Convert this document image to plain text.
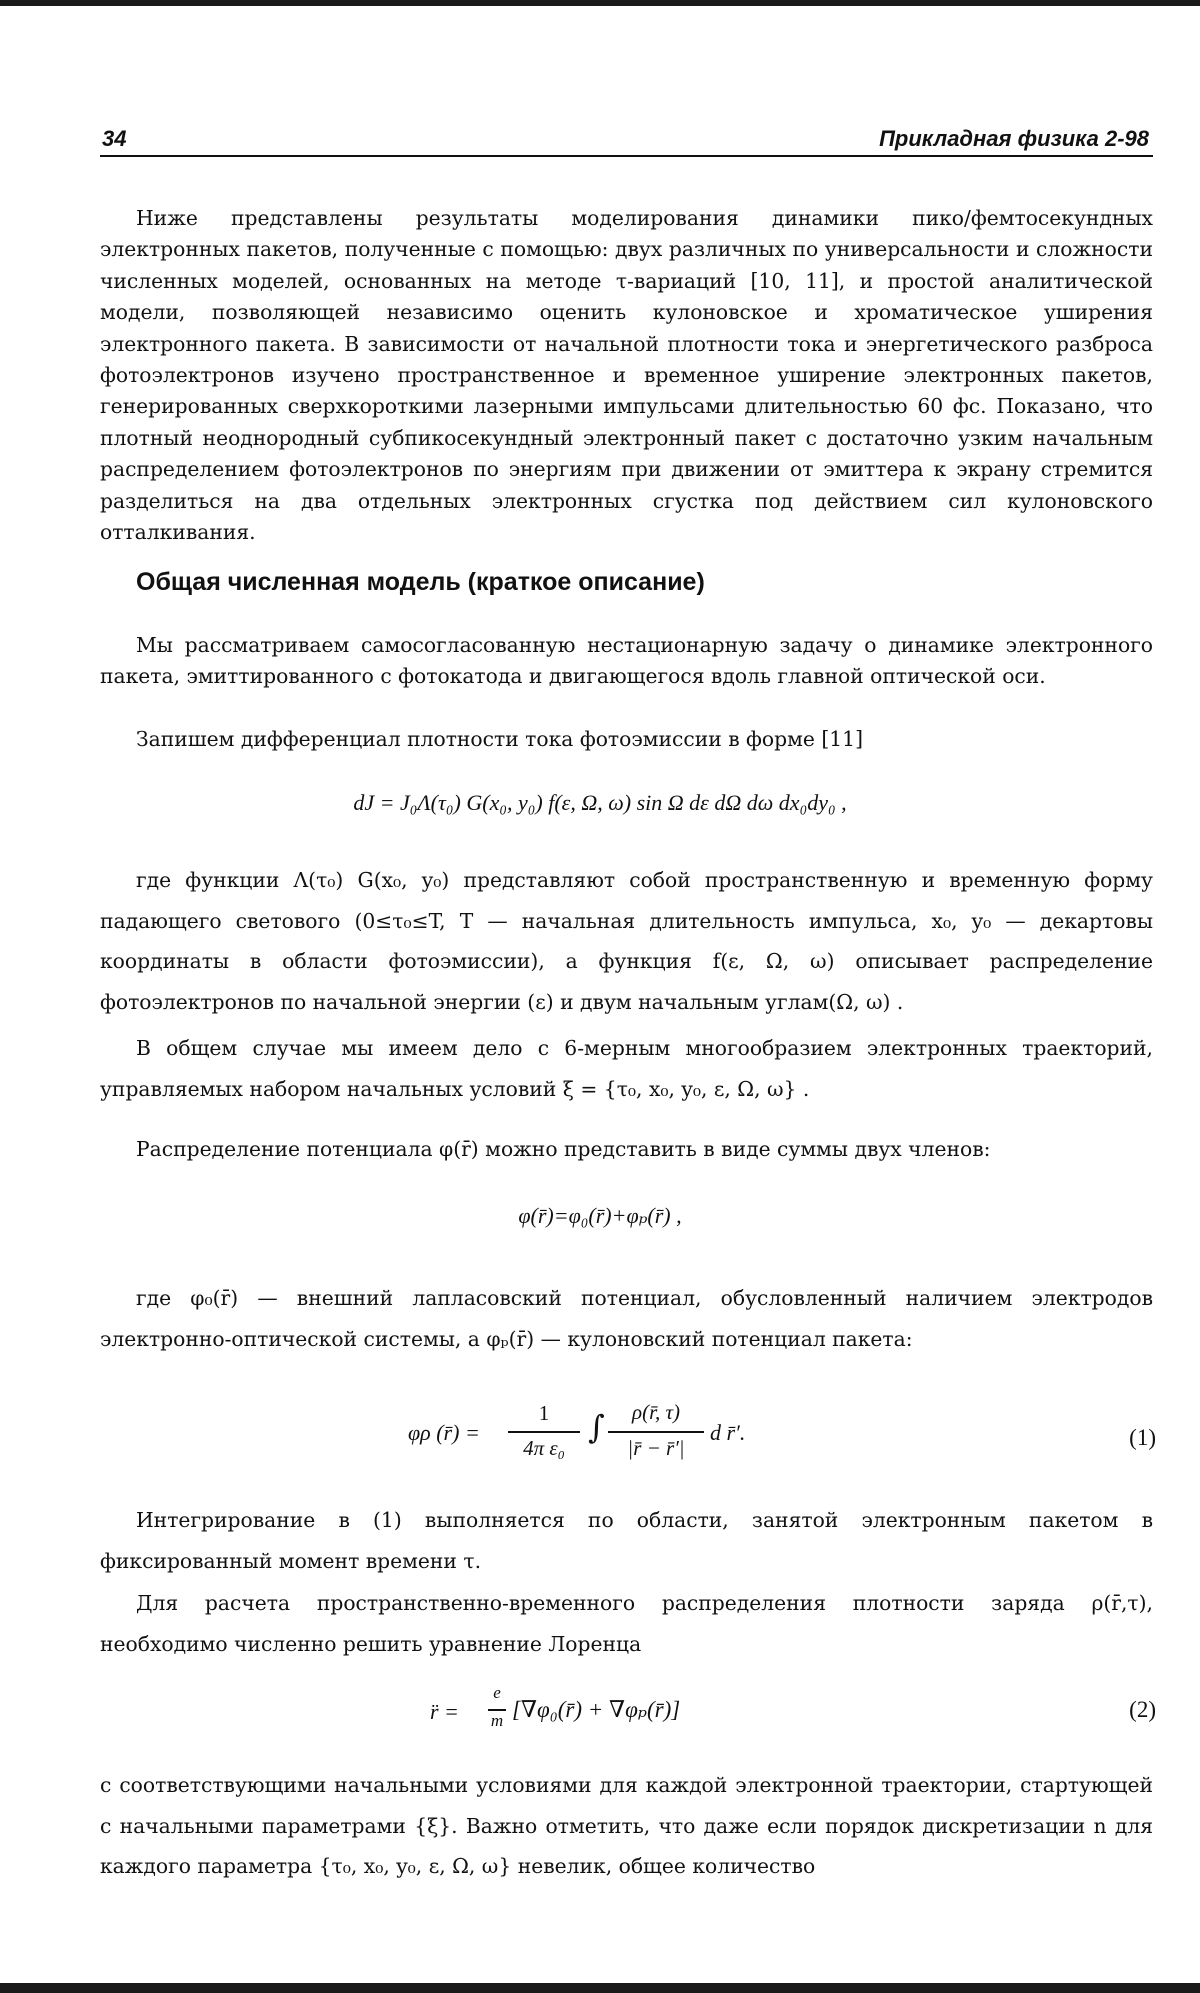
34	Прикладная физика 2-98

Ниже представлены результаты моделирования динамики пико/фемтосекундных электронных пакетов, полученные с помощью: двух различных по универсальности и сложности численных моделей, основанных на методе τ-вариаций [10, 11], и простой аналитической модели, позволяющей независимо оценить кулоновское и хроматическое уширения электронного пакета. В зависимости от начальной плотности тока и энергетического разброса фотоэлектронов изучено пространственное и временное уширение электронных пакетов, генерированных сверхкороткими лазерными импульсами длительностью 60 фс. Показано, что плотный неоднородный субпикосекундный электронный пакет с достаточно узким начальным распределением фотоэлектронов по энергиям при движении от эмиттера к экрану стремится разделиться на два отдельных электронных сгустка под действием сил кулоновского отталкивания.

Общая численная модель (краткое описание)

Мы рассматриваем самосогласованную нестационарную задачу о динамике электронного пакета, эмиттированного с фотокатода и двигающегося вдоль главной оптической оси.

Запишем дифференциал плотности тока фотоэмиссии в форме [11]

dJ = J₀Λ(τ₀) G(x₀, y₀) f(ε, Ω, ω) sin Ω dε dΩ dω dx₀dy₀ ,

где функции Λ(τ₀) G(x₀, y₀) представляют собой пространственную и временную форму падающего светового (0≤τ₀≤T, T — начальная длительность импульса, x₀, y₀ — декартовы координаты в области фотоэмиссии), а функция f(ε, Ω, ω) описывает распределение фотоэлектронов по начальной энергии (ε) и двум начальным углам(Ω, ω) .

В общем случае мы имеем дело с 6-мерным многообразием электронных траекторий, управляемых набором начальных условий ξ = {τ₀, x₀, y₀, ε, Ω, ω} .

Распределение потенциала φ(r̄) можно представить в виде суммы двух членов:

φ(r̄)=φ₀(r̄)+φₚ(r̄) ,

где φ₀(r̄) — внешний лапласовский потенциал, обусловленный наличием электродов электронно-оптической системы, а φₚ(r̄) — кулоновский потенциал пакета:

φρ (r̄) =
1
4π ε₀
∫	ρ(r̄, τ)
|r̄ − r̄′|
d r̄′.	(1)

Интегрирование в (1) выполняется по области, занятой электронным пакетом в фиксированный момент времени τ.

Для расчета пространственно-временного распределения плотности заряда ρ(r̄,τ), необходимо численно решить уравнение Лоренца

r̈ =
e
m [∇φ₀(r̄) + ∇φₚ(r̄)]	(2)

с соответствующими начальными условиями для каждой электронной траектории, стартующей с начальными параметрами {ξ}. Важно отметить, что даже если порядок дискретизации n для каждого параметра {τ₀, x₀, y₀, ε, Ω, ω} невелик, общее количество
